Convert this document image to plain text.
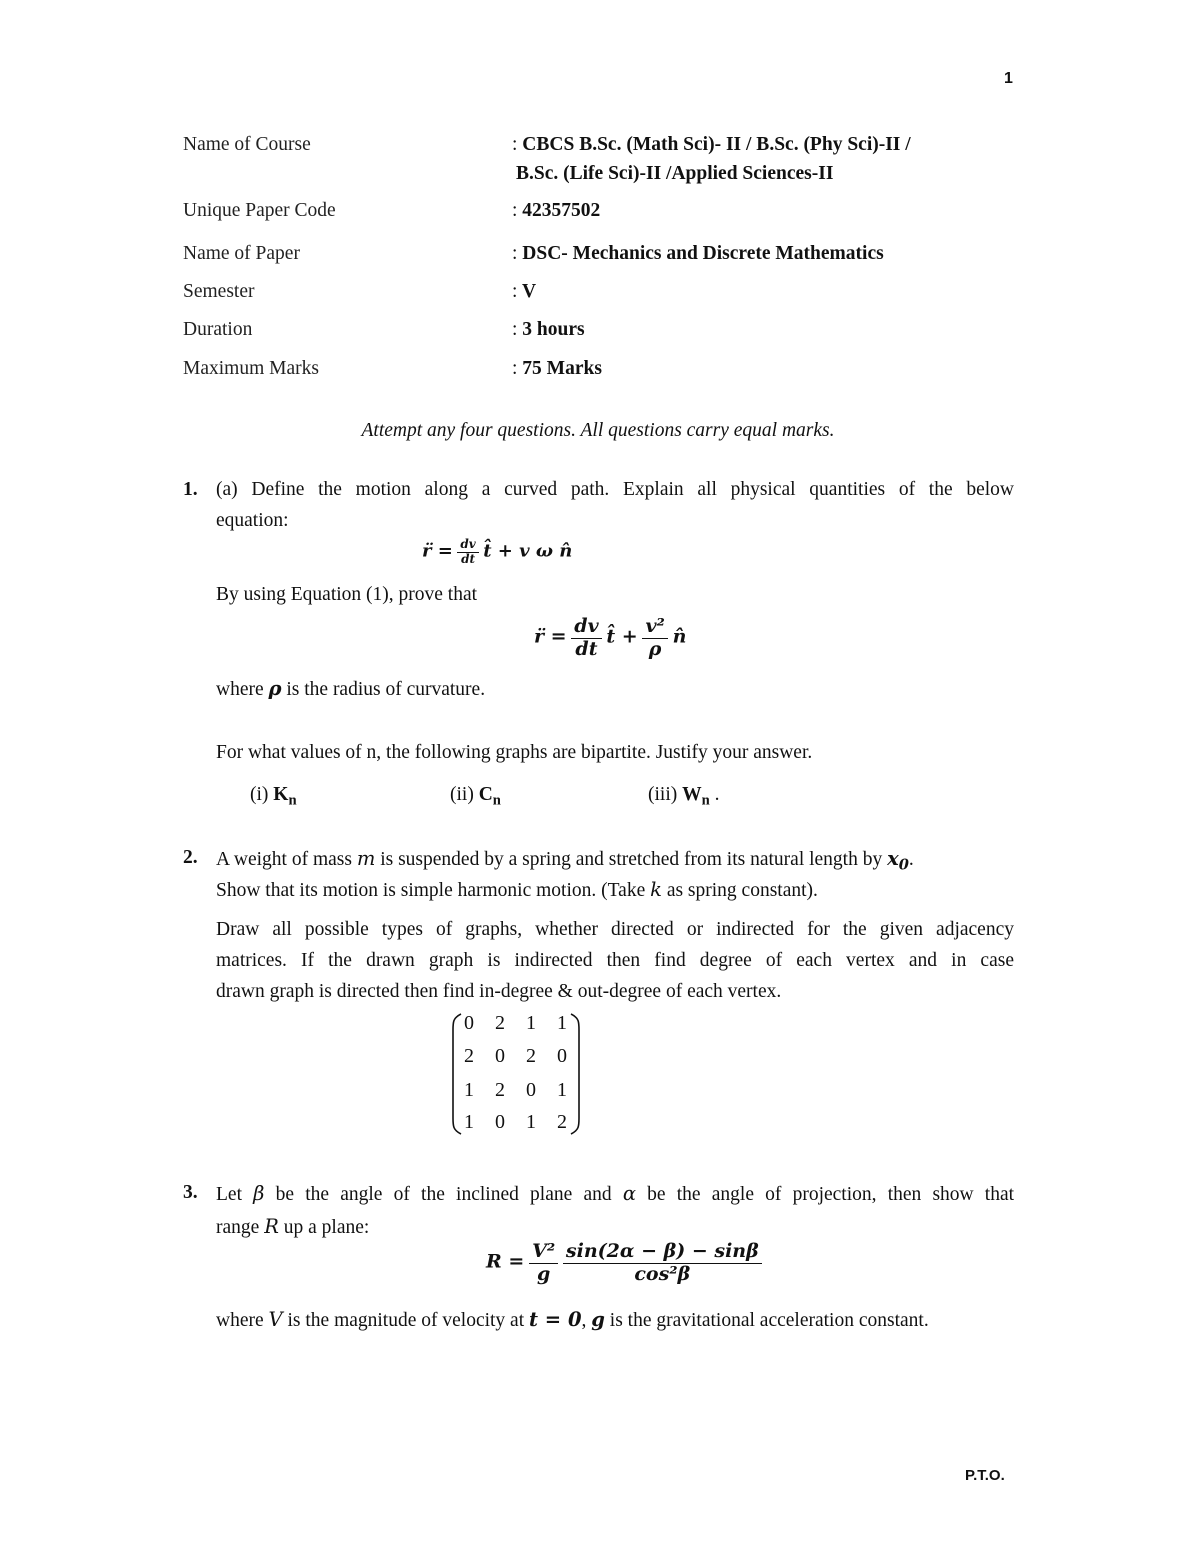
1
Name of Course	: CBCS B.Sc. (Math Sci)- II / B.Sc. (Phy Sci)-II /
B.Sc. (Life Sci)-II /Applied Sciences-II
Unique Paper Code	: 42357502
Name of Paper	: DSC- Mechanics and Discrete Mathematics
Semester	: V
Duration	: 3 hours
Maximum Marks	: 75 Marks
Attempt any four questions. All questions carry equal marks.
1. (a) Define the motion along a curved path. Explain all physical quantities of the below
equation:
r̈ = $\frac{dv}{dt}$ t̂ + v ω n̂
By using Equation (1), prove that
r̈ = $\frac{dv}{dt}$ t̂ + $\frac{\text{v²}}{\rho}$ n̂
where ρ is the radius of curvature.
For what values of n, the following graphs are bipartite. Justify your answer.
(i) $K_n$	(ii) $C_n$	(iii) $W_n$ .
2. A weight of mass m is suspended by a spring and stretched from its natural length by $x_0$.
Show that its motion is simple harmonic motion. (Take k as spring constant).
Draw all possible types of graphs, whether directed or indirected for the given adjacency
matrices. If the drawn graph is indirected then find degree of each vertex and in case
drawn graph is directed then find in-degree & out-degree of each vertex.
0	2	1	1
2	0	2	0
1	2	0	1
1	0	1	2
3. Let β be the angle of the inclined plane and α be the angle of projection, then show that
range R up a plane:
$R = \frac{\text{V²}}{g}$
$\frac{\sin(2\alpha - \beta) - \sin\beta}{\text{cos²β}}$
where V is the magnitude of velocity at t = 0, g is the gravitational acceleration constant.
P.T.O.
